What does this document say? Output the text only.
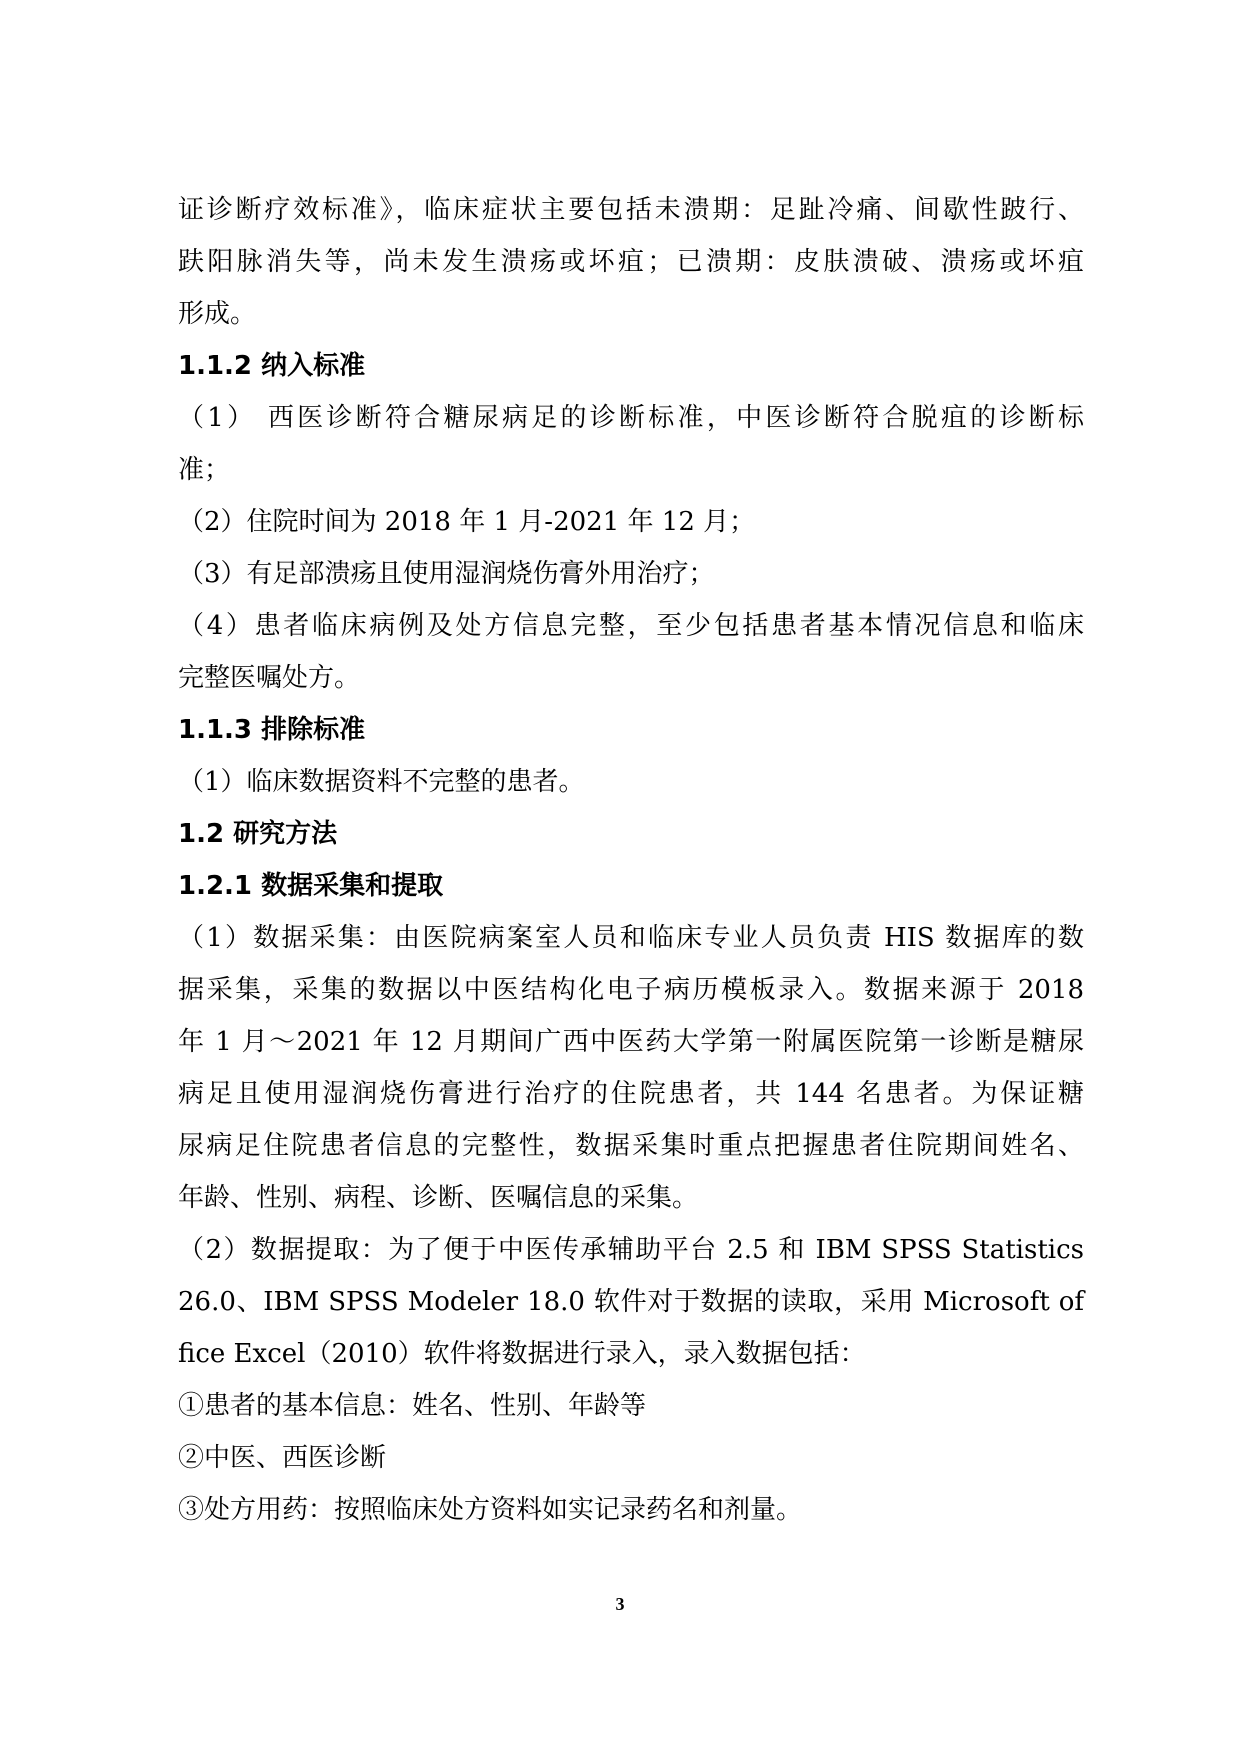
证诊断疗效标准》，临床症状主要包括未溃期：足趾冷痛、间歇性跛行、
趺阳脉消失等，尚未发生溃疡或坏疽；已溃期：皮肤溃破、溃疡或坏疽
形成。
1.1.2 纳入标准
（1） 西医诊断符合糖尿病足的诊断标准，中医诊断符合脱疽的诊断标
准；
（2）住院时间为 2018 年 1 月-2021 年 12 月；
（3）有足部溃疡且使用湿润烧伤膏外用治疗；
（4）患者临床病例及处方信息完整，至少包括患者基本情况信息和临床
完整医嘱处方。
1.1.3 排除标准
（1）临床数据资料不完整的患者。
1.2 研究方法
1.2.1 数据采集和提取
（1）数据采集：由医院病案室人员和临床专业人员负责 HIS 数据库的数
据采集，采集的数据以中医结构化电子病历模板录入。数据来源于 2018
年 1 月～2021 年 12 月期间广西中医药大学第一附属医院第一诊断是糖尿
病足且使用湿润烧伤膏进行治疗的住院患者，共 144 名患者。为保证糖
尿病足住院患者信息的完整性，数据采集时重点把握患者住院期间姓名、
年龄、性别、病程、诊断、医嘱信息的采集。
（2）数据提取：为了便于中医传承辅助平台 2.5 和 IBM SPSS Statistics
26.0、IBM SPSS Modeler 18.0 软件对于数据的读取，采用 Microsoft of
fice Excel（2010）软件将数据进行录入，录入数据包括：
①患者的基本信息：姓名、性别、年龄等
②中医、西医诊断
③处方用药：按照临床处方资料如实记录药名和剂量。
3
